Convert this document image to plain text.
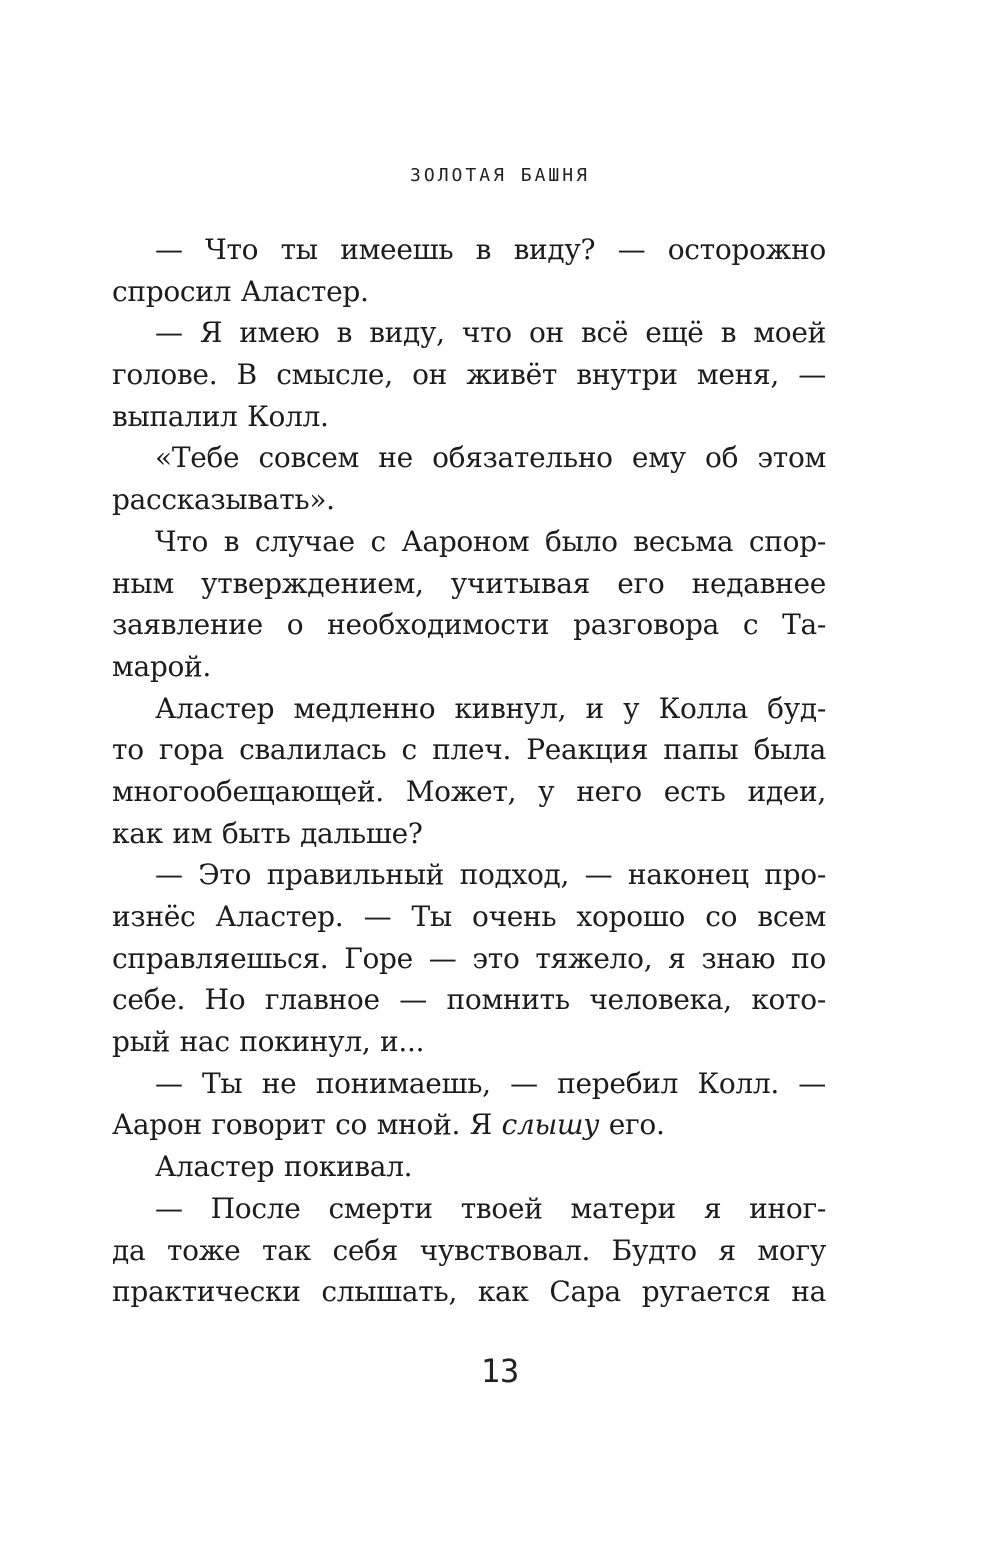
ЗОЛОТАЯ БАШНЯ

— Что ты имеешь в виду? — осторожно
спросил Аластер.

— Я имею в виду, что он всё ещё в моей
голове. В смысле, он живёт внутри меня, —
выпалил Колл.

«Тебе совсем не обязательно ему об этом
рассказывать».

Что в случае с Аароном было весьма спор-
ным утверждением, учитывая его недавнее
заявление о необходимости разговора с Та-
марой.

Аластер медленно кивнул, и у Колла буд-
то гора свалилась с плеч. Реакция папы была
многообещающей. Может, у него есть идеи,
как им быть дальше?

— Это правильный подход, — наконец про-
изнёс Аластер. — Ты очень хорошо со всем
справляешься. Горе — это тяжело, я знаю по
себе. Но главное — помнить человека, кото-
рый нас покинул, и...

— Ты не понимаешь, — перебил Колл. —
Аарон говорит со мной. Я слышу его.

Аластер покивал.

— После смерти твоей матери я иног-
да тоже так себя чувствовал. Будто я могу
практически слышать, как Сара ругается на

13
